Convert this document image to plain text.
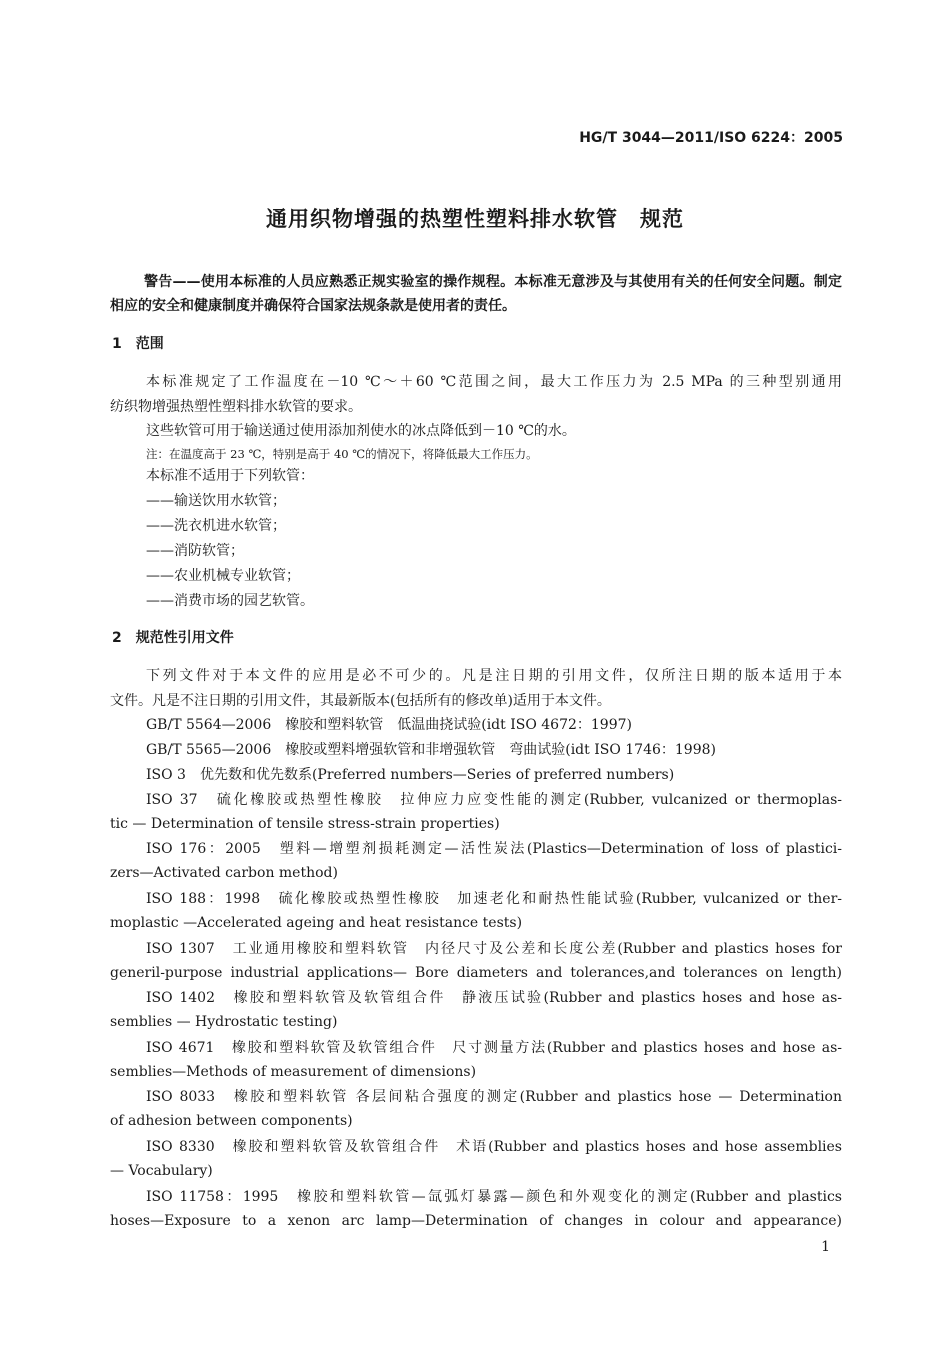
HG/T 3044—2011/ISO 6224：2005
通用织物增强的热塑性塑料排水软管　规范
警告——使用本标准的人员应熟悉正规实验室的操作规程。本标准无意涉及与其使用有关的任何安全问题。制定相应的安全和健康制度并确保符合国家法规条款是使用者的责任。
1　范围
本标准规定了工作温度在－10 ℃～＋60 ℃范围之间，最大工作压力为 2.5 MPa 的三种型别通用
纺织物增强热塑性塑料排水软管的要求。
这些软管可用于输送通过使用添加剂使水的冰点降低到－10 ℃的水。
注：在温度高于 23 ℃，特别是高于 40 ℃的情况下，将降低最大工作压力。
本标准不适用于下列软管：
——输送饮用水软管；
——洗衣机进水软管；
——消防软管；
——农业机械专业软管；
——消费市场的园艺软管。
2　规范性引用文件
下列文件对于本文件的应用是必不可少的。凡是注日期的引用文件，仅所注日期的版本适用于本
文件。凡是不注日期的引用文件，其最新版本(包括所有的修改单)适用于本文件。
GB/T 5564—2006　橡胶和塑料软管　低温曲挠试验(idt ISO 4672：1997)
GB/T 5565—2006　橡胶或塑料增强软管和非增强软管　弯曲试验(idt ISO 1746：1998)
ISO 3　优先数和优先数系(Preferred numbers—Series of preferred numbers)
ISO 37　硫化橡胶或热塑性橡胶　拉伸应力应变性能的测定(Rubber, vulcanized or thermoplas-
tic — Determination of tensile stress-strain properties)
ISO 176：2005　塑料—增塑剂损耗测定—活性炭法(Plastics—Determination of loss of plastici-
zers—Activated carbon method)
ISO 188：1998　硫化橡胶或热塑性橡胶　加速老化和耐热性能试验(Rubber, vulcanized or ther-
moplastic —Accelerated ageing and heat resistance tests)
ISO 1307　工业通用橡胶和塑料软管　内径尺寸及公差和长度公差(Rubber and plastics hoses for
generil-purpose industrial applications— Bore diameters and tolerances,and tolerances on length)
ISO 1402　橡胶和塑料软管及软管组合件　静液压试验(Rubber and plastics hoses and hose as-
semblies — Hydrostatic testing)
ISO 4671　橡胶和塑料软管及软管组合件　尺寸测量方法(Rubber and plastics hoses and hose as-
semblies—Methods of measurement of dimensions)
ISO 8033　橡胶和塑料软管 各层间粘合强度的测定(Rubber and plastics hose — Determination
of adhesion between components)
ISO 8330　橡胶和塑料软管及软管组合件　术语(Rubber and plastics hoses and hose assemblies
— Vocabulary)
ISO 11758：1995　橡胶和塑料软管—氙弧灯暴露—颜色和外观变化的测定(Rubber and plastics
hoses—Exposure to a xenon arc lamp—Determination of changes in colour and appearance)
1
